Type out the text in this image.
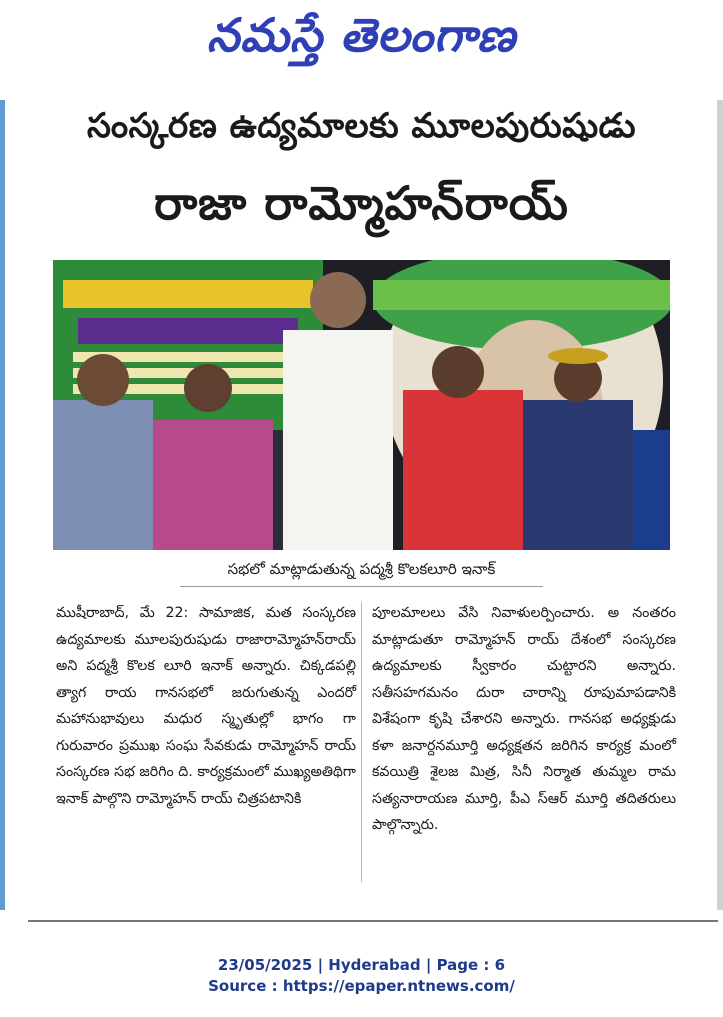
నమస్తే తెలంగాణ
సంస్కరణ ఉద్యమాలకు మూలపురుషుడు
రాజా రామ్మోహన్‌రాయ్‌
సభలో మాట్లాడుతున్న పద్మశ్రీ కొలకలూరి ఇనాక్‌
ముషీరాబాద్‌, మే 22: సామాజిక, మత సంస్కరణ ఉద్యమాలకు మూలపురుషుడు రాజారామ్మోహన్‌రాయ్‌ అని పద్మశ్రీ కొలక లూరి ఇనాక్‌ అన్నారు. చిక్కడపల్లి త్యాగ రాయ గానసభలో జరుగుతున్న ఎందరో మహానుభావులు మధుర స్మృతుల్లో భాగం గా గురువారం ప్రముఖ సంఘ సేవకుడు రామ్మోహన్‌ రాయ్‌ సంస్కరణ సభ జరిగిం ది. కార్యక్రమంలో ముఖ్యఅతిథిగా ఇనాక్‌ పాల్గొని రామ్మోహన్‌ రాయ్‌ చిత్రపటానికి
పూలమాలలు వేసి నివాళులర్పించారు. అ నంతరం మాట్లాడుతూ రామ్మోహన్‌ రాయ్‌ దేశంలో సంస్కరణ ఉద్యమాలకు స్వీకారం చుట్టారని అన్నారు. సతీసహగమనం దురా చారాన్ని రూపుమాపడానికి విశేషంగా కృషి చేశారని అన్నారు. గానసభ అధ్యక్షుడు కళా జనార్దనమూర్తి అధ్యక్షతన జరిగిన కార్యక్ర మంలో కవయిత్రి శైలజ మిత్ర, సినీ నిర్మాత తుమ్మల రామ సత్యనారాయణ మూర్తి, పీఎ స్‌ఆర్‌ మూర్తి తదితరులు పాల్గొన్నారు.
23/05/2025 | Hyderabad | Page : 6
Source : https://epaper.ntnews.com/
